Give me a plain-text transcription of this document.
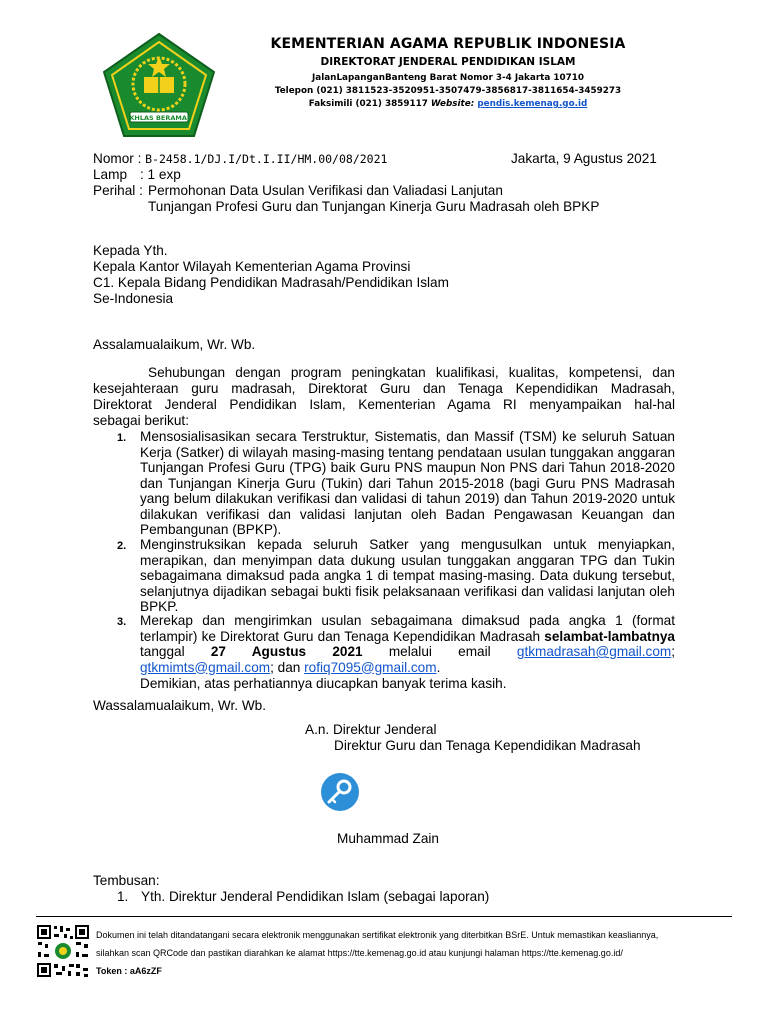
IKHLAS BERAMAL
KEMENTERIAN AGAMA REPUBLIK INDONESIA
DIREKTORAT JENDERAL PENDIDIKAN ISLAM
JalanLapanganBanteng Barat Nomor 3-4 Jakarta 10710
Telepon (021) 3811523-3520951-3507479-3856817-3811654-3459273
Faksimili (021) 3859117 Website: pendis.kemenag.go.id
Nomor : B-2458.1/DJ.I/Dt.I.II/HM.00/08/2021	Jakarta, 9 Agustus 2021
Lamp : 1 exp
Perihal : Permohonan Data Usulan Verifikasi dan Valiadasi Lanjutan
Tunjangan Profesi Guru dan Tunjangan Kinerja Guru Madrasah oleh BPKP
Kepada Yth.
Kepala Kantor Wilayah Kementerian Agama Provinsi
C1. Kepala Bidang Pendidikan Madrasah/Pendidikan Islam
Se-Indonesia
Assalamualaikum, Wr. Wb.
Sehubungan dengan program peningkatan kualifikasi, kualitas, kompetensi, dan
kesejahteraan guru madrasah, Direktorat Guru dan Tenaga Kependidikan Madrasah,
Direktorat Jenderal Pendidikan Islam, Kementerian Agama RI menyampaikan hal-hal
sebagai berikut:
1. Mensosialisasikan secara Terstruktur, Sistematis, dan Massif (TSM) ke seluruh Satuan Kerja (Satker) di wilayah masing-masing tentang pendataan usulan tunggakan anggaran Tunjangan Profesi Guru (TPG) baik Guru PNS maupun Non PNS dari Tahun 2018-2020 dan Tunjangan Kinerja Guru (Tukin) dari Tahun 2015-2018 (bagi Guru PNS Madrasah yang belum dilakukan verifikasi dan validasi di tahun 2019) dan Tahun 2019-2020 untuk dilakukan verifikasi dan validasi lanjutan oleh Badan Pengawasan Keuangan dan Pembangunan (BPKP).
2. Menginstruksikan kepada seluruh Satker yang mengusulkan untuk menyiapkan, merapikan, dan menyimpan data dukung usulan tunggakan anggaran TPG dan Tukin sebagaimana dimaksud pada angka 1 di tempat masing-masing. Data dukung tersebut, selanjutnya dijadikan sebagai bukti fisik pelaksanaan verifikasi dan validasi lanjutan oleh BPKP.
3. Merekap dan mengirimkan usulan sebagaimana dimaksud pada angka 1 (format terlampir) ke Direktorat Guru dan Tenaga Kependidikan Madrasah selambat-lambatnya tanggal 27 Agustus 2021 melalui email gtkmadrasah@gmail.com; gtkmimts@gmail.com; dan rofiq7095@gmail.com.
Demikian, atas perhatiannya diucapkan banyak terima kasih.
Wassalamualaikum, Wr. Wb.
A.n. Direktur Jenderal
Direktur Guru dan Tenaga Kependidikan Madrasah
Muhammad Zain
Tembusan:
1. Yth. Direktur Jenderal Pendidikan Islam (sebagai laporan)
Dokumen ini telah ditandatangani secara elektronik menggunakan sertifikat elektronik yang diterbitkan BSrE. Untuk memastikan keasliannya,
silahkan scan QRCode dan pastikan diarahkan ke alamat https://tte.kemenag.go.id atau kunjungi halaman https://tte.kemenag.go.id/
Token : aA6zZF
